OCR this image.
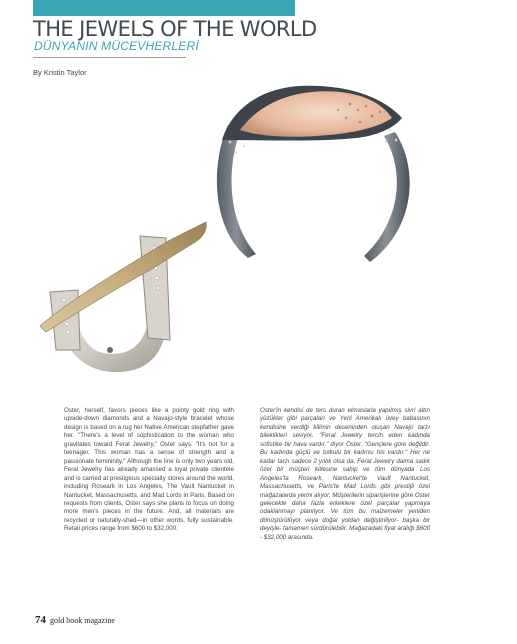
THE JEWELS OF THE WORLD
DÜNYANIN MÜCEVHERLERİ
By Kristin Taylor

Oster, herself, favors pieces like a pointy gold ring with upside-down diamonds and a Navajo-style bracelet whose design is based on a rug her Native American stepfather gave her. "There's a level of sophistication to the woman who gravitates toward Feral Jewelry," Oster says. "It's not for a teenager. This woman has a sense of strength and a passionate femininity." Although the line is only two years old, Feral Jewelry has already amassed a loyal private clientele and is carried at prestigious specialty stores around the world, including Roseark in Los Angeles, The Vault Nantucket in Nantucket, Massachusetts, and Mad Lords in Paris. Based on requests from clients, Oster says she plans to focus on doing more men's pieces in the future. And, all materials are recycled or naturally-shed—in other words, fully sustainable. Retail prices range from $600 to $32,000.

Oster'in kendisi de ters duran elmaslarla yapılmış sivri altın yüzükler gibi parçaları ve Yerli Amerikalı üvey babasının kendisine verdiği kilimin deseninden oluşan Navajo tarzı bileklikleri seviyor. "Feral Jewelry tercih eden kadında sofistike bir hava vardır," diyor Oster. "Gençlere göre değildir. Bu kadında güçlü ve tutkulu bir kadınsı his vardır." Her ne kadar tarzı sadece 2 yıllık olsa da, Feral Jewelry daima sadık özel bir müşteri kitlesine sahip ve tüm dünyada Los Angeles'ta Roseark, Nantucket'te Vault Nantucket, Massachusetts, ve Paris'te Mad Lords gibi prestijli özel mağazalarda yerini alıyor. Müşterilerin siparişlerine göre Oster gelecekte daha fazla erkeklere özel parçalar yapmaya odaklanmayı planlıyor. Ve tüm bu malzemeler yeniden dönüştürülüyor veya doğal yoldan değiştiriliyor- başka bir deyişle- tamamen sürdürülebilir. Mağazadaki fiyat aralığı $600 - $32,000 arasında.

74 gold book magazine
